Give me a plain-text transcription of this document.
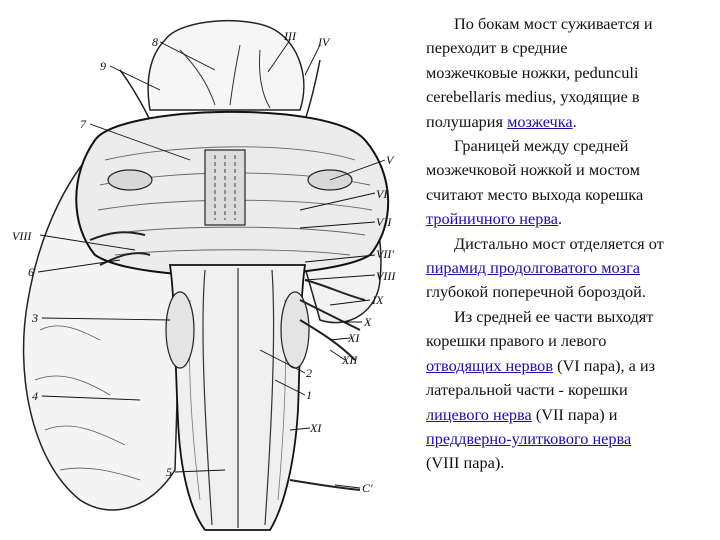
8	III IV
9
7
V
VI
VII
VIII
VII'
VIII
6
IX
3	X
XI
XII
2
4	1
XI
5
C'

По бокам мост суживается и
переходит в средние
мозжечковые ножки, pedunculi
cerebellaris medius, уходящие в
полушария мозжечка.

Границей между средней
мозжечковой ножкой и мостом
считают место выхода корешка
тройничного нерва.

Дистально мост отделяется от
пирамид продолговатого мозга
глубокой поперечной бороздой.

Из средней ее части выходят
корешки правого и левого
отводящих нервов (VI пара), а из
латеральной части - корешки
лицевого нерва (VII пара) и
преддверно-улиткового нерва
(VIII пара).
